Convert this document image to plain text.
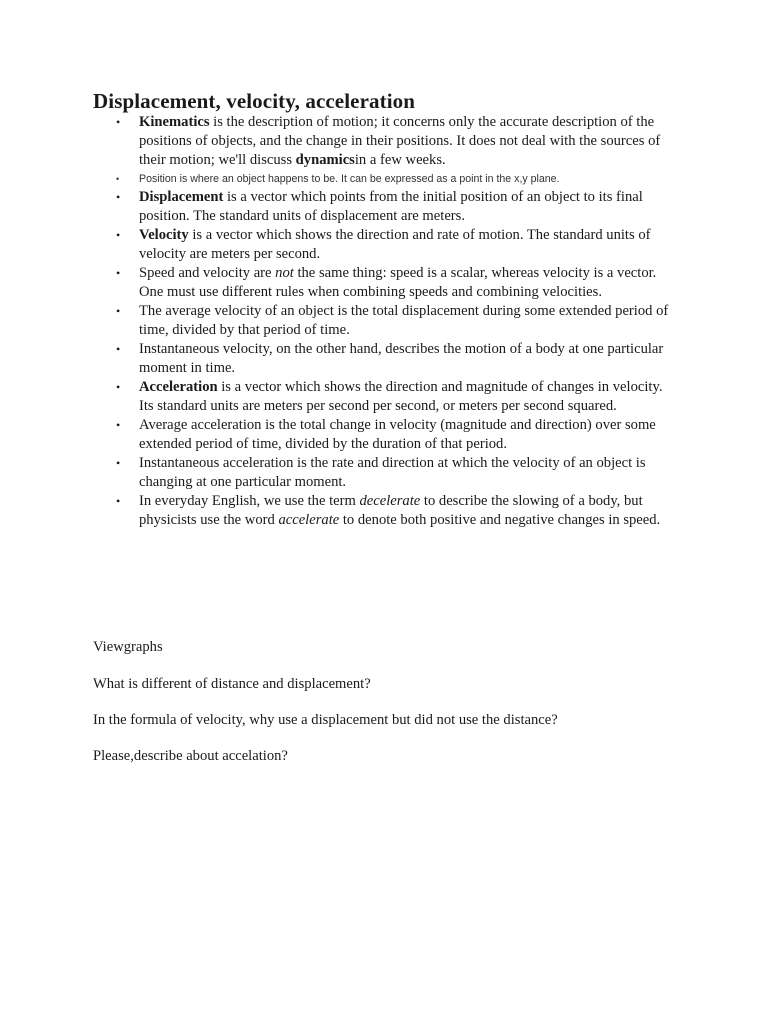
Displacement, velocity, acceleration
• Kinematics is the description of motion; it concerns only the accurate description of the positions of objects, and the change in their positions. It does not deal with the sources of their motion; we'll discuss dynamicsin a few weeks.
• Position is where an object happens to be. It can be expressed as a point in the x,y plane.
• Displacement is a vector which points from the initial position of an object to its final position. The standard units of displacement are meters.
• Velocity is a vector which shows the direction and rate of motion. The standard units of velocity are meters per second.
• Speed and velocity are not the same thing: speed is a scalar, whereas velocity is a vector. One must use different rules when combining speeds and combining velocities.
• The average velocity of an object is the total displacement during some extended period of time, divided by that period of time.
• Instantaneous velocity, on the other hand, describes the motion of a body at one particular moment in time.
• Acceleration is a vector which shows the direction and magnitude of changes in velocity. Its standard units are meters per second per second, or meters per second squared.
• Average acceleration is the total change in velocity (magnitude and direction) over some extended period of time, divided by the duration of that period.
• Instantaneous acceleration is the rate and direction at which the velocity of an object is changing at one particular moment.
• In everyday English, we use the term decelerate to describe the slowing of a body, but physicists use the word accelerate to denote both positive and negative changes in speed.

Viewgraphs

What is different of distance and displacement?

In the formula of velocity, why use a displacement but did not use the distance?

Please,describe about accelation?
